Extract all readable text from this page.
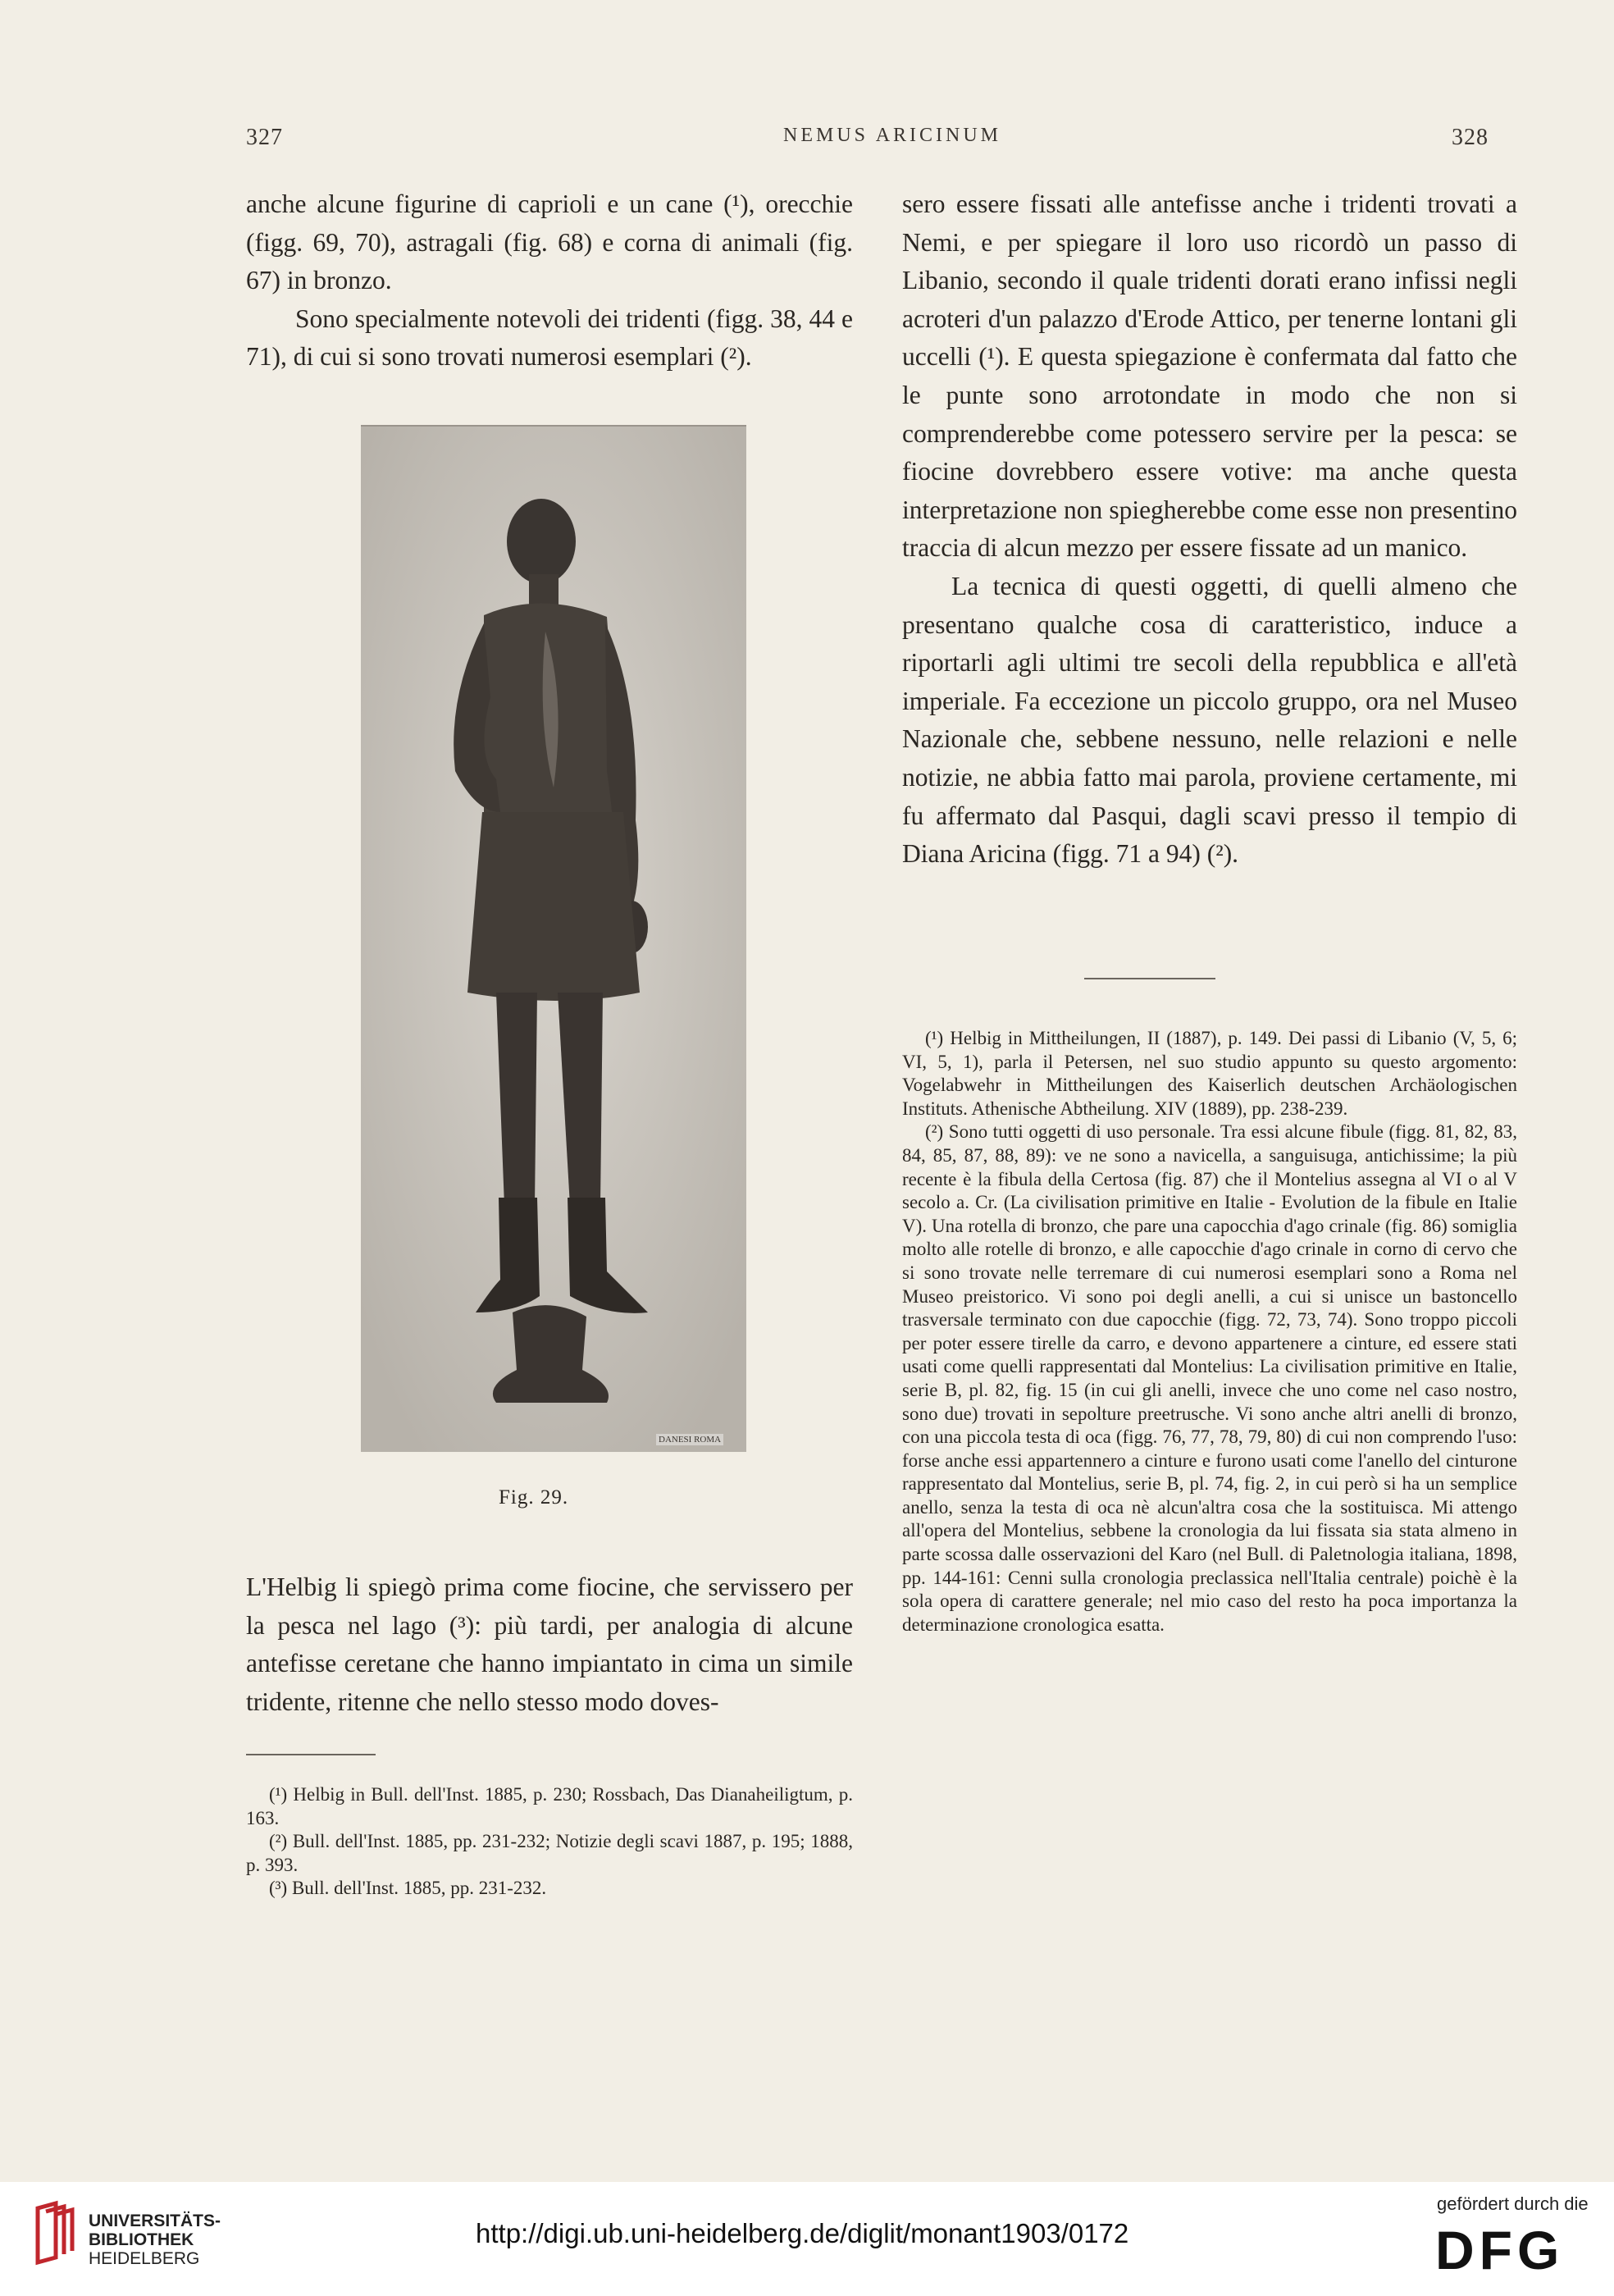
327	NEMUS ARICINUM	328

anche alcune figurine di caprioli e un cane (¹), orecchie (figg. 69, 70), astragali (fig. 68) e corna di animali (fig. 67) in bronzo.

Sono specialmente notevoli dei tridenti (figg. 38, 44 e 71), di cui si sono trovati numerosi esemplari (²).

DANESI ROMA
Fig. 29.

L'Helbig li spiegò prima come fiocine, che servissero per la pesca nel lago (³): più tardi, per analogia di alcune antefisse ceretane che hanno impiantato in cima un simile tridente, ritenne che nello stesso modo doves-

(¹) Helbig in Bull. dell'Inst. 1885, p. 230; Rossbach, Das Dianaheiligtum, p. 163.

(²) Bull. dell'Inst. 1885, pp. 231-232; Notizie degli scavi 1887, p. 195; 1888, p. 393.

(³) Bull. dell'Inst. 1885, pp. 231-232.

sero essere fissati alle antefisse anche i tridenti trovati a Nemi, e per spiegare il loro uso ricordò un passo di Libanio, secondo il quale tridenti dorati erano infissi negli acroteri d'un palazzo d'Erode Attico, per tenerne lontani gli uccelli (¹). E questa spiegazione è confermata dal fatto che le punte sono arrotondate in modo che non si comprenderebbe come potessero servire per la pesca: se fiocine dovrebbero essere votive: ma anche questa interpretazione non spiegherebbe come esse non presentino traccia di alcun mezzo per essere fissate ad un manico.

La tecnica di questi oggetti, di quelli almeno che presentano qualche cosa di caratteristico, induce a riportarli agli ultimi tre secoli della repubblica e all'età imperiale. Fa eccezione un piccolo gruppo, ora nel Museo Nazionale che, sebbene nessuno, nelle relazioni e nelle notizie, ne abbia fatto mai parola, proviene certamente, mi fu affermato dal Pasqui, dagli scavi presso il tempio di Diana Aricina (figg. 71 a 94) (²).

(¹) Helbig in Mittheilungen, II (1887), p. 149. Dei passi di Libanio (V, 5, 6; VI, 5, 1), parla il Petersen, nel suo studio appunto su questo argomento: Vogelabwehr in Mittheilungen des Kaiserlich deutschen Archäologischen Instituts. Athenische Abtheilung. XIV (1889), pp. 238-239.

(²) Sono tutti oggetti di uso personale. Tra essi alcune fibule (figg. 81, 82, 83, 84, 85, 87, 88, 89): ve ne sono a navicella, a sanguisuga, antichissime; la più recente è la fibula della Certosa (fig. 87) che il Montelius assegna al VI o al V secolo a. Cr. (La civilisation primitive en Italie - Evolution de la fibule en Italie V). Una rotella di bronzo, che pare una capocchia d'ago crinale (fig. 86) somiglia molto alle rotelle di bronzo, e alle capocchie d'ago crinale in corno di cervo che si sono trovate nelle terremare di cui numerosi esemplari sono a Roma nel Museo preistorico. Vi sono poi degli anelli, a cui si unisce un bastoncello trasversale terminato con due capocchie (figg. 72, 73, 74). Sono troppo piccoli per poter essere tirelle da carro, e devono appartenere a cinture, ed essere stati usati come quelli rappresentati dal Montelius: La civilisation primitive en Italie, serie B, pl. 82, fig. 15 (in cui gli anelli, invece che uno come nel caso nostro, sono due) trovati in sepolture preetrusche. Vi sono anche altri anelli di bronzo, con una piccola testa di oca (figg. 76, 77, 78, 79, 80) di cui non comprendo l'uso: forse anche essi appartennero a cinture e furono usati come l'anello del cinturone rappresentato dal Montelius, serie B, pl. 74, fig. 2, in cui però si ha un semplice anello, senza la testa di oca nè alcun'altra cosa che la sostituisca. Mi attengo all'opera del Montelius, sebbene la cronologia da lui fissata sia stata almeno in parte scossa dalle osservazioni del Karo (nel Bull. di Paletnologia italiana, 1898, pp. 144-161: Cenni sulla cronologia preclassica nell'Italia centrale) poichè è la sola opera di carattere generale; nel mio caso del resto ha poca importanza la determinazione cronologica esatta.

UNIVERSITÄTS-
BIBLIOTHEK
HEIDELBERG
http://digi.ub.uni-heidelberg.de/diglit/monant1903/0172
gefördert durch die
DFG
